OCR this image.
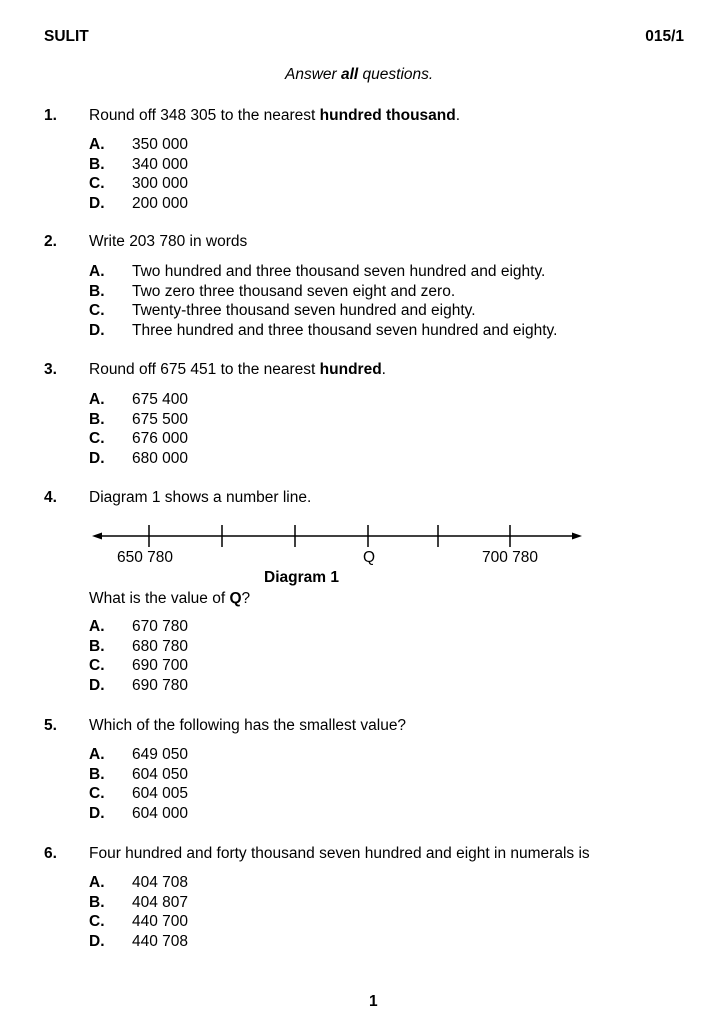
SULIT	015/1
Answer all questions.
1. Round off 348 305 to the nearest hundred thousand.
A. 350 000
B. 340 000
C. 300 000
D. 200 000
2. Write 203 780 in words
A. Two hundred and three thousand seven hundred and eighty.
B. Two zero three thousand seven eight and zero.
C. Twenty-three thousand seven hundred and eighty.
D. Three hundred and three thousand seven hundred and eighty.
3. Round off 675 451 to the nearest hundred.
A. 675 400
B. 675 500
C. 676 000
D. 680 000
4. Diagram 1 shows a number line.
650 780	Q	700 780
Diagram 1
What is the value of Q?
A. 670 780
B. 680 780
C. 690 700
D. 690 780
5. Which of the following has the smallest value?
A. 649 050
B. 604 050
C. 604 005
D. 604 000
6. Four hundred and forty thousand seven hundred and eight in numerals is
A. 404 708
B. 404 807
C. 440 700
D. 440 708
1
